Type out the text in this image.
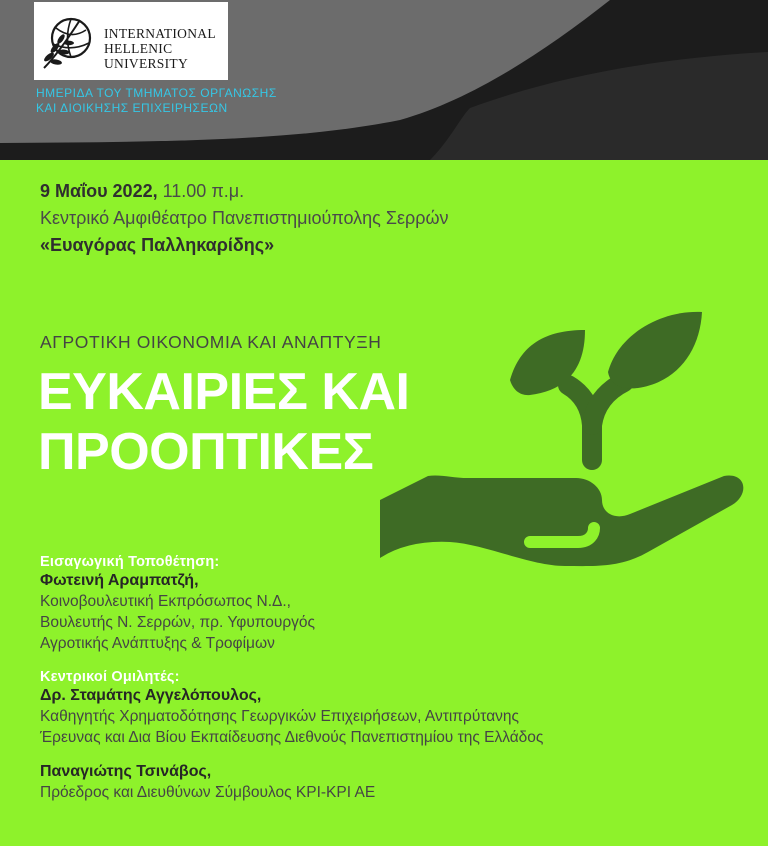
INTERNATIONAL
HELLENIC
UNIVERSITY
ΗΜΕΡΙΔΑ ΤΟΥ ΤΜΗΜΑΤΟΣ ΟΡΓΑΝΩΣΗΣ
ΚΑΙ ΔΙΟΙΚΗΣΗΣ ΕΠΙΧΕΙΡΗΣΕΩΝ
9 Μαΐου 2022, 11.00 π.μ.
Κεντρικό Αμφιθέατρο Πανεπιστημιούπολης Σερρών
«Ευαγόρας Παλληκαρίδης»
ΑΓΡΟΤΙΚΗ ΟΙΚΟΝΟΜΙΑ ΚΑΙ ΑΝΑΠΤΥΞΗ
ΕΥΚΑΙΡΙΕΣ ΚΑΙ
ΠΡΟΟΠΤΙΚΕΣ
Εισαγωγική Τοποθέτηση:
Φωτεινή Αραμπατζή,
Κοινοβουλευτική Εκπρόσωπος Ν.Δ.,
Βουλευτής Ν. Σερρών, πρ. Υφυπουργός
Αγροτικής Ανάπτυξης & Τροφίμων
Κεντρικοί Ομιλητές:
Δρ. Σταμάτης Αγγελόπουλος,
Καθηγητής Χρηματοδότησης Γεωργικών Επιχειρήσεων, Αντιπρύτανης
Έρευνας και Δια Βίου Εκπαίδευσης Διεθνούς Πανεπιστημίου της Ελλάδος
Παναγιώτης Τσινάβος,
Πρόεδρος και Διευθύνων Σύμβουλος ΚΡΙ-ΚΡΙ ΑΕ
